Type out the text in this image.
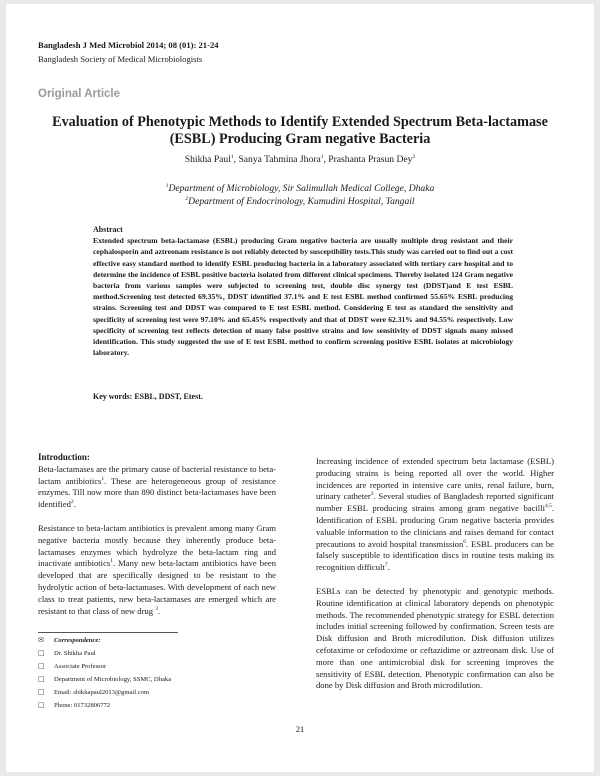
Bangladesh J Med Microbiol 2014; 08 (01): 21-24
Bangladesh Society of Medical Microbiologists
Original Article
Evaluation of Phenotypic Methods to Identify Extended Spectrum Beta-lactamase (ESBL) Producing Gram negative Bacteria
Shikha Paul$^1$, Sanya Tahmina Jhora$^1$, Prashanta Prasun Dey$^2$
$^1$Department of Microbiology, Sir Salimullah Medical College, Dhaka
$^2$Department of Endocrinology, Kumudini Hospital, Tangail
Abstract
Extended spectrum beta-lactamase (ESBL) producing Gram negative bacteria are usually multiple drug resistant and their cephalosporin and aztreonam resistance is not reliably detected by susceptibility tests.This study was carried out to find out a cost effective easy standard method to identify ESBL producing bacteria in a laboratory associated with tertiary care hospital and to determine the incidence of ESBL positive bacteria isolated from different clinical specimens. Thereby isolated 124 Gram negative bacteria from various samples were subjected to screening test, double disc synergy test (DDST)and E test ESBL method.Screening test detected 69.35%, DDST identified 37.1% and E test ESBL method confirmed 55.65% ESBL producing strains. Screening test and DDST was compared to E test ESBL method. Considering E test as standard the sensitivity and specificity of screening test were 97.10% and 65.45% respectively and that of DDST were 62.31% and 94.55% respectively. Low specificity of screening test reflects detection of many false positive strains and low sensitivity of DDST signals many missed identification. This study suggested the use of E test ESBL method to confirm screening positive ESBL isolates at microbiology laboratory.
Key words: ESBL, DDST, Etest.
Introduction:

Beta-lactamases are the primary cause of bacterial resistance to beta-lactam antibiotics$^1$. These are heterogeneous group of resistance enzymes. Till now more than 890 distinct beta-lactamases have been identified$^2$.

Resistance to beta-lactam antibiotics is prevalent among many Gram negative bacteria mostly because they inherently produce beta-lactamases enzymes which hydrolyze the beta-lactam ring and inactivate antibiotics$^1$. Many new beta-lactam antibiotics have been developed that are specifically designed to be resistant to the hydrolytic action of beta-lactamases. With development of each new class to treat patients, new beta-lactamases are emerged which are resistant to that class of new drug $^3$.

✉	Correspondence:
□	Dr. Shikha Paul
□	Associate Professor
□	Department of Microbiology, SSMC, Dhaka
□	Email: shikhapaul2013@gmail.com
□	Phone: 01732806772

Increasing incidence of extended spectrum beta lactamase (ESBL) producing strains is being reported all over the world. Higher incidences are reported in intensive care units, renal failure, burn, urinary catheter$^3$. Several studies of Bangladesh reported significant number ESBL producing strains among gram negative bacilli$^{4,5}$. Identification of ESBL producing Gram negative bacteria provides valuable information to the clinicians and raises demand for contact precautions to avoid hospital transmission$^6$. ESBL producers can be falsely susceptible to identification discs in routine tests making its recognition difficult$^7$.

ESBLs can be detected by phenotypic and genotypic methods. Routine identification at clinical laboratory depends on phenotypic methods. The recommended phenotypic strategy for ESBL detection includes initial screening followed by confirmation. Screen tests are Disk diffusion and Broth microdilution. Disk diffusion utilizes cefotaxime or cefodoxime or ceftazidime or aztreonam disk. Use of more than one antimicrobial disk for screening improves the sensitivity of ESBL detection. Phenotypic confirmation can also be done by Disk diffusion and Broth microdilution.

21
